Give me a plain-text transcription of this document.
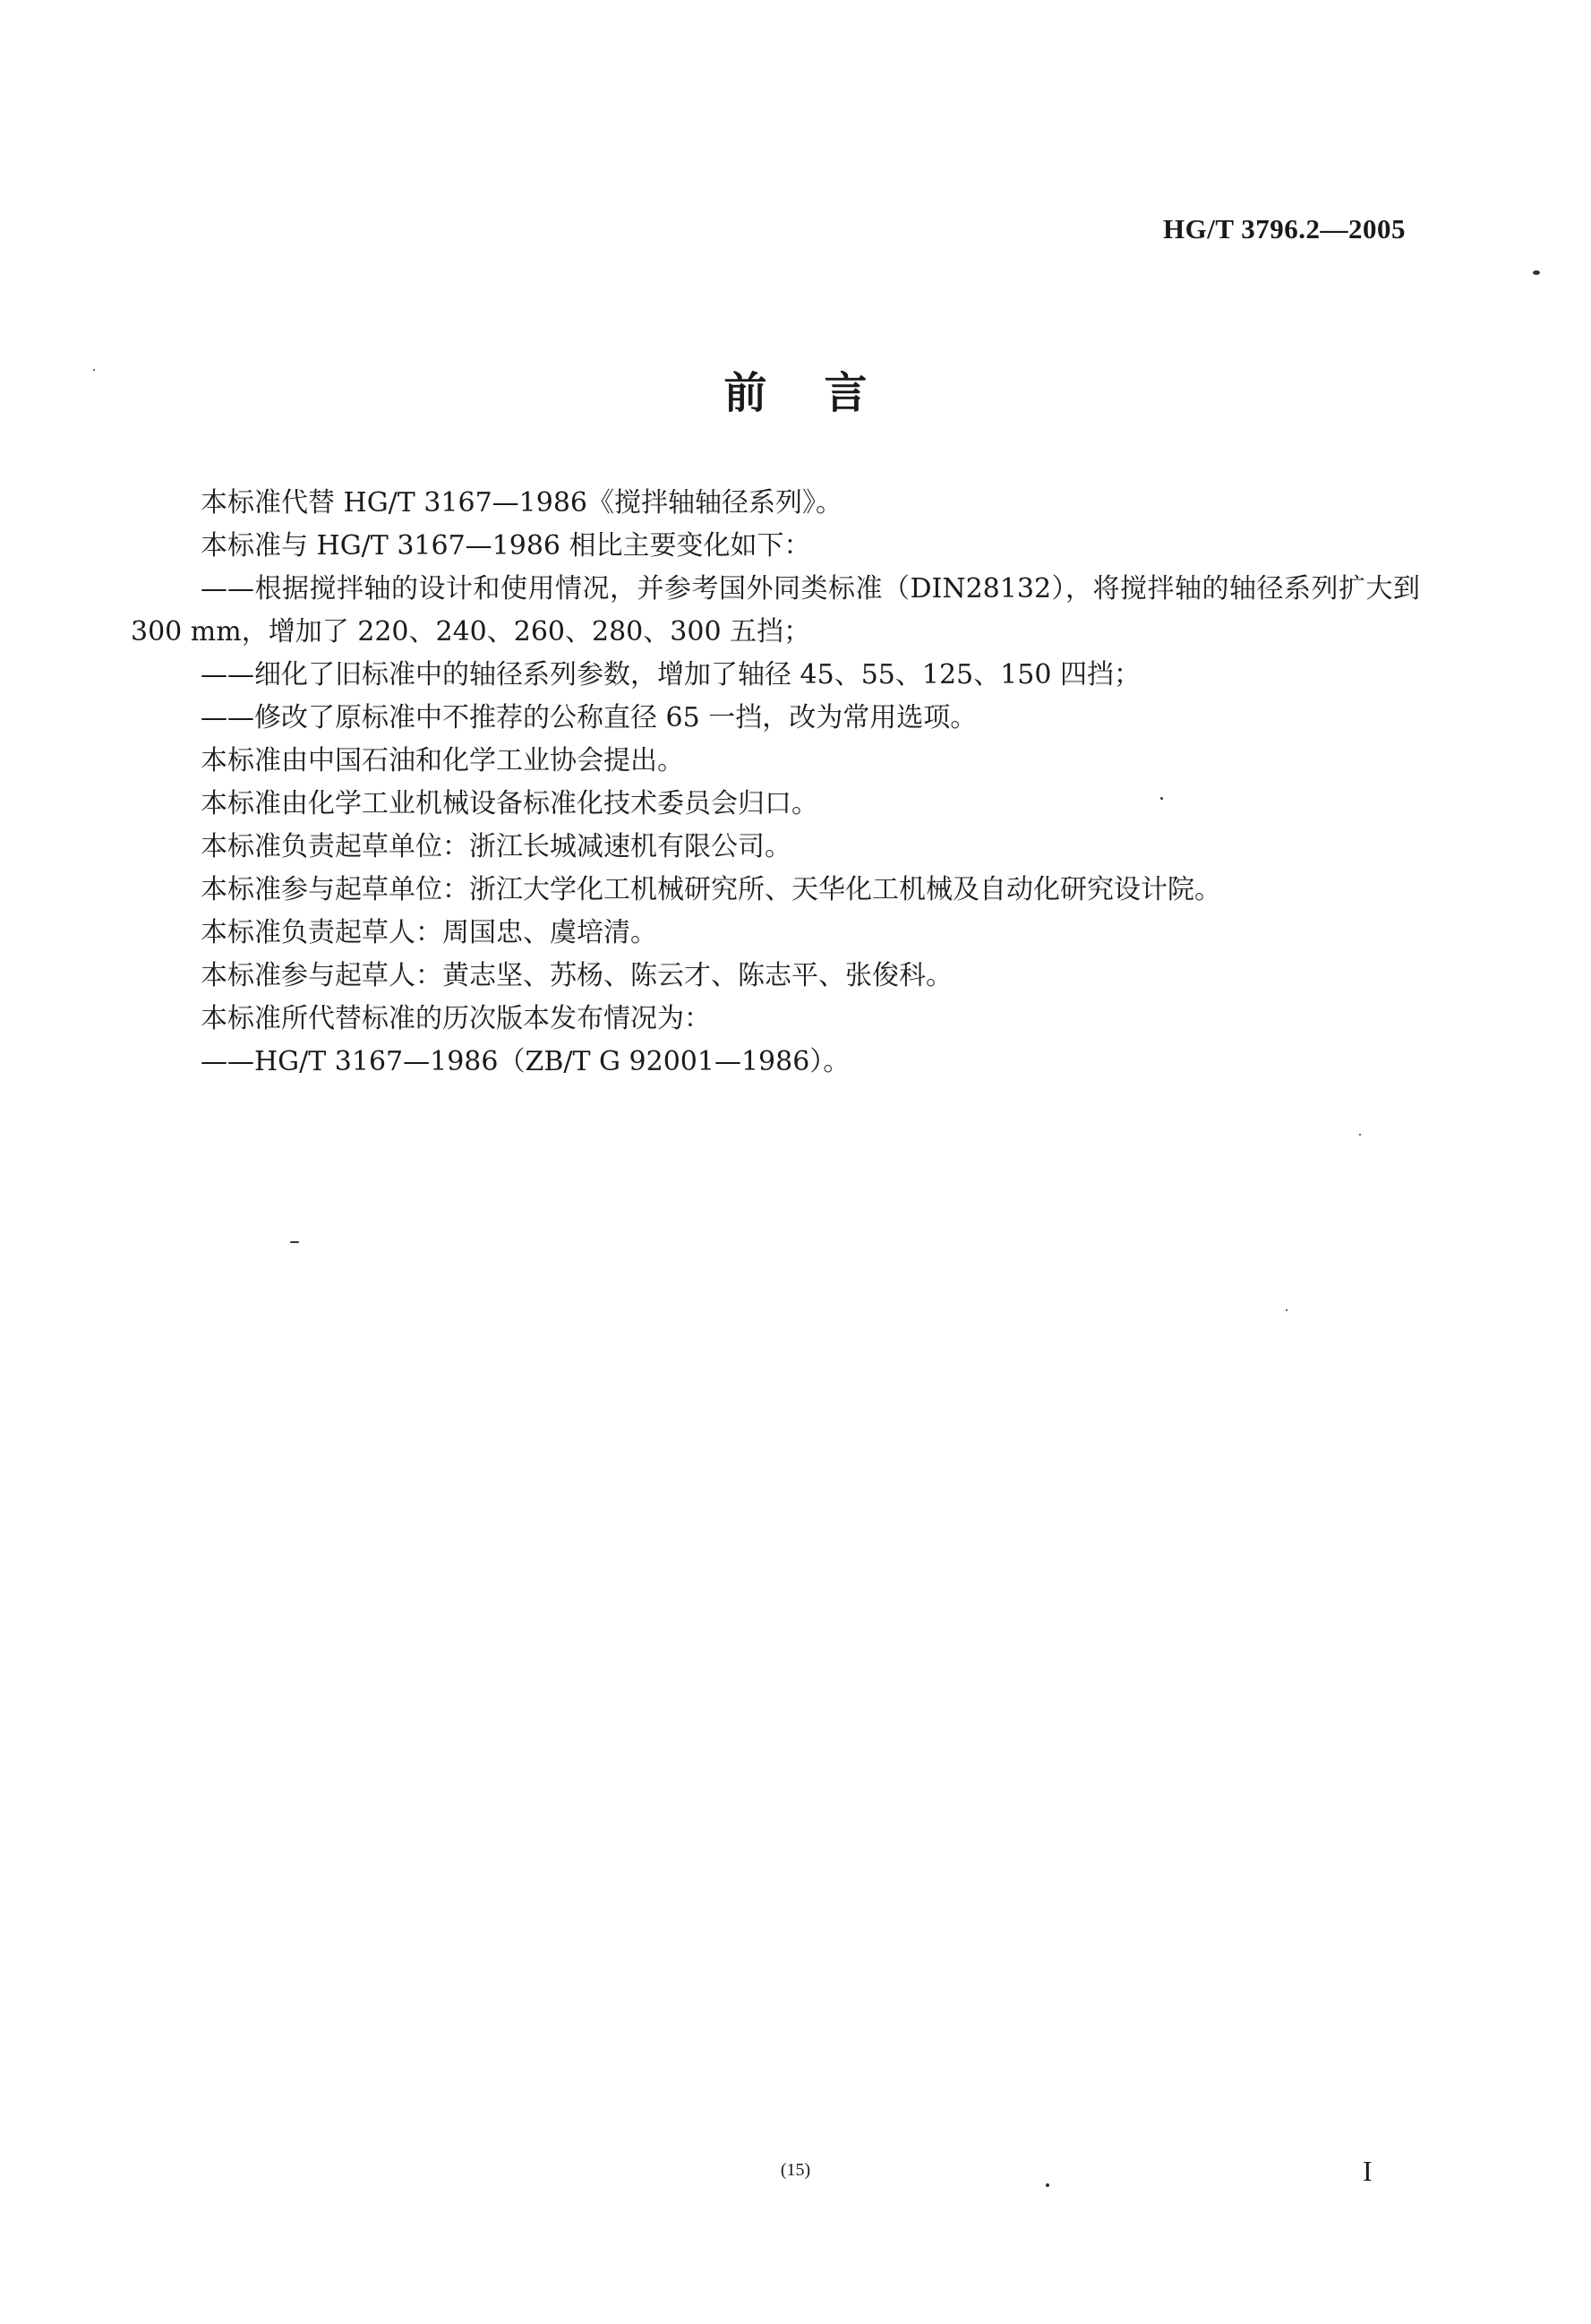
HG/T 3796.2—2005
前言

本标准代替 HG/T 3167—1986《搅拌轴轴径系列》。

本标准与 HG/T 3167—1986 相比主要变化如下：

——根据搅拌轴的设计和使用情况，并参考国外同类标准（DIN28132），将搅拌轴的轴径系列扩大到 300 mm，增加了 220、240、260、280、300 五挡；

——细化了旧标准中的轴径系列参数，增加了轴径 45、55、125、150 四挡；

——修改了原标准中不推荐的公称直径 65 一挡，改为常用选项。

本标准由中国石油和化学工业协会提出。

本标准由化学工业机械设备标准化技术委员会归口。

本标准负责起草单位：浙江长城减速机有限公司。

本标准参与起草单位：浙江大学化工机械研究所、天华化工机械及自动化研究设计院。

本标准负责起草人：周国忠、虞培清。

本标准参与起草人：黄志坚、苏杨、陈云才、陈志平、张俊科。

本标准所代替标准的历次版本发布情况为：

——HG/T 3167—1986（ZB/T G 92001—1986）。

(15)	I
